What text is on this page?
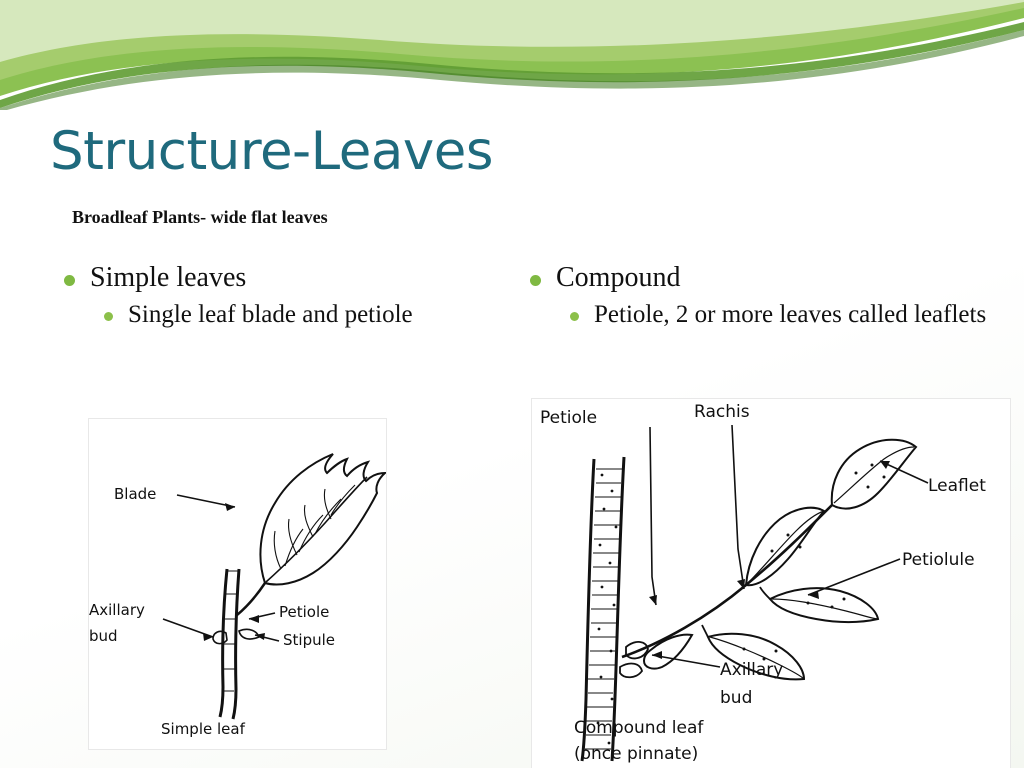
Structure-Leaves
Broadleaf Plants- wide flat leaves
Simple leaves
Single leaf blade and petiole
Compound
Petiole, 2 or more leaves called leaflets
Blade
Axillary
bud
Petiole
Stipule
Simple leaf
Petiole	Rachis
Leaflet
Petiolule
Axillary
bud
Compound leaf
(once pinnate)
